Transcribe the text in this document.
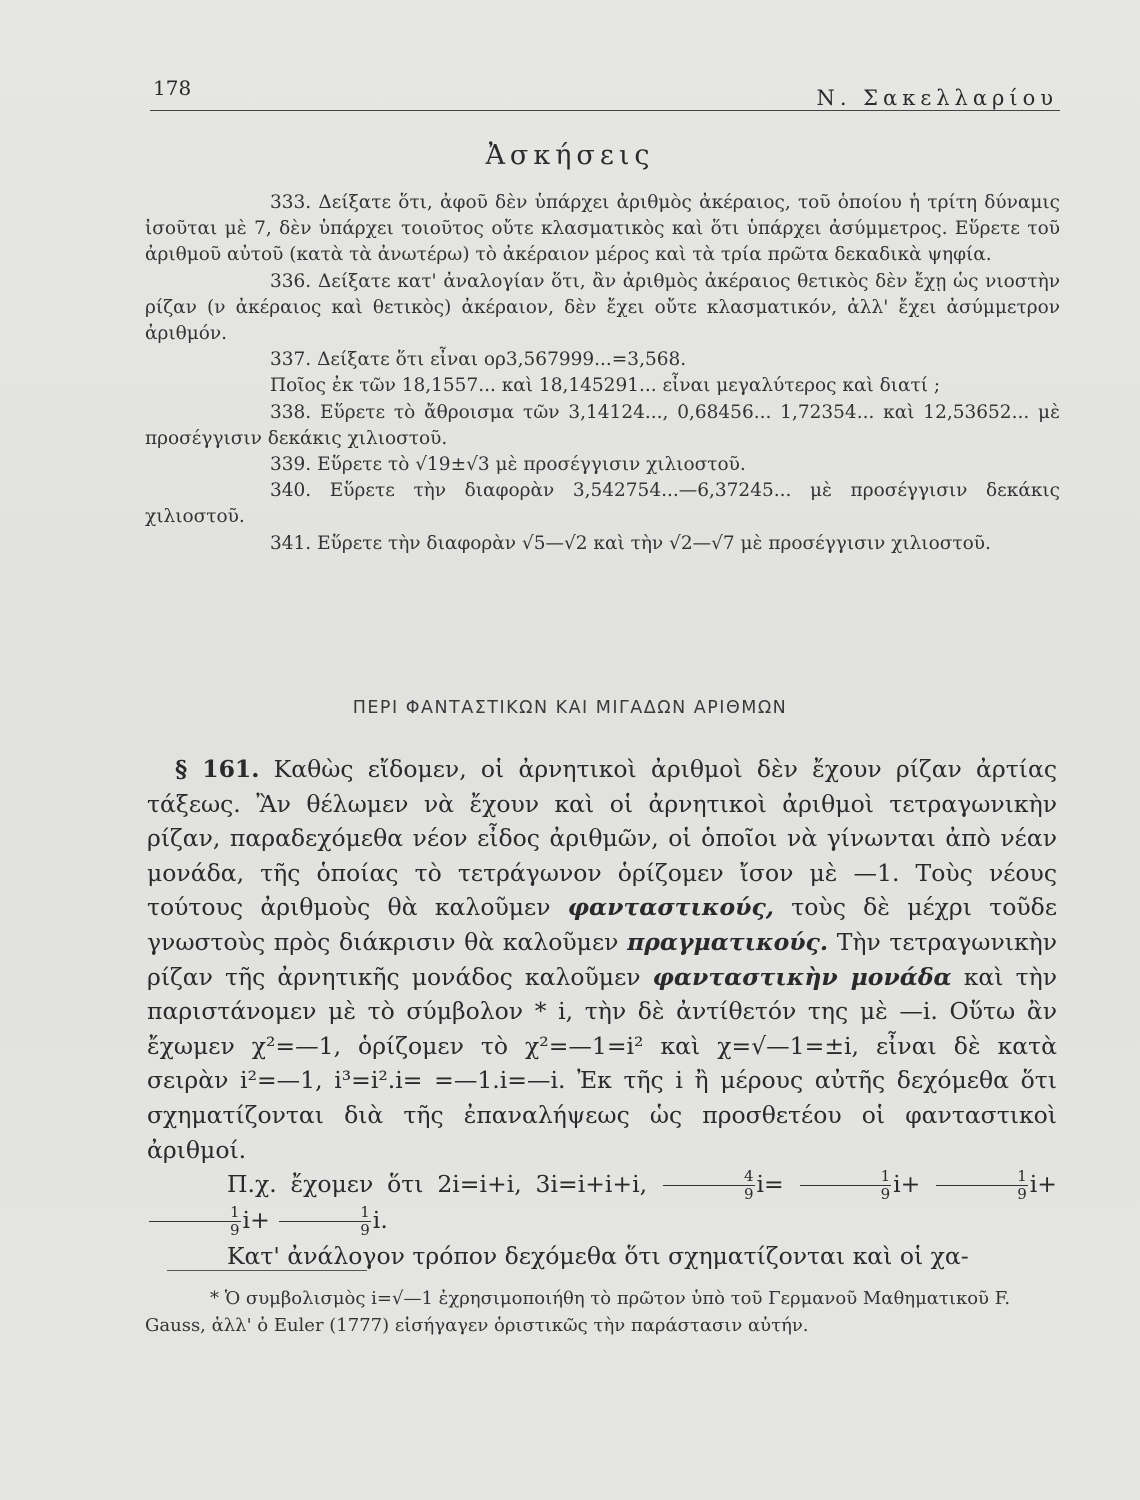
178	Ν. Σακελλαρίου
Ἀσκήσεις

333. Δείξατε ὅτι, ἀφοῦ δὲν ὑπάρχει ἀριθμὸς ἀκέραιος, τοῦ ὁποίου ἡ τρίτη δύναμις ἰσοῦται μὲ 7, δὲν ὑπάρχει τοιοῦτος οὔτε κλασματικὸς καὶ ὅτι ὑπάρχει ἀσύμμετρος. Εὕρετε τοῦ ἀριθμοῦ αὐτοῦ (κατὰ τὰ ἀνωτέρω) τὸ ἀκέραιον μέρος καὶ τὰ τρία πρῶτα δεκαδικὰ ψηφία.

336. Δείξατε κατ' ἀναλογίαν ὅτι, ἂν ἀριθμὸς ἀκέραιος θετικὸς δὲν ἔχῃ ὡς νιοστὴν ρίζαν (ν ἀκέραιος καὶ θετικὸς) ἀκέραιον, δὲν ἔχει οὔτε κλασματικόν, ἀλλ' ἔχει ἀσύμμετρον ἀριθμόν.

337. Δείξατε ὅτι εἶναι ορ3,567999...=3,568.

Ποῖος ἐκ τῶν 18,1557... καὶ 18,145291... εἶναι μεγαλύτερος καὶ διατί ;

338. Εὕρετε τὸ ἄθροισμα τῶν 3,14124..., 0,68456... 1,72354... καὶ 12,53652... μὲ προσέγγισιν δεκάκις χιλιοστοῦ.

339. Εὕρετε τὸ √19±√3 μὲ προσέγγισιν χιλιοστοῦ.

340. Εὕρετε τὴν διαφορὰν 3,542754...—6,37245... μὲ προσέγγισιν δεκάκις χιλιοστοῦ.

341. Εὕρετε τὴν διαφορὰν √5—√2 καὶ τὴν √2—√7 μὲ προσέγγισιν χιλιοστοῦ.

ΠΕΡΙ ΦΑΝΤΑΣΤΙΚΩΝ ΚΑΙ ΜΙΓΑΔΩΝ ΑΡΙΘΜΩΝ

§ 161. Καθὼς εἴδομεν, οἱ ἀρνητικοὶ ἀριθμοὶ δὲν ἔχουν ρίζαν ἀρτίας τάξεως. Ἂν θέλωμεν νὰ ἔχουν καὶ οἱ ἀρνητικοὶ ἀριθμοὶ τετραγωνικὴν ρίζαν, παραδεχόμεθα νέον εἶδος ἀριθμῶν, οἱ ὁποῖοι νὰ γίνωνται ἀπὸ νέαν μονάδα, τῆς ὁποίας τὸ τετράγωνον ὁρίζομεν ἴσον μὲ —1. Τοὺς νέους τούτους ἀριθμοὺς θὰ καλοῦμεν φανταστικούς, τοὺς δὲ μέχρι τοῦδε γνωστοὺς πρὸς διάκρισιν θὰ καλοῦμεν πραγματικούς. Τὴν τετραγωνικὴν ρίζαν τῆς ἀρνητικῆς μονάδος καλοῦμεν φανταστικὴν μονάδα καὶ τὴν παριστάνομεν μὲ τὸ σύμβολον * i, τὴν δὲ ἀντίθετόν της μὲ —i. Οὕτω ἂν ἔχωμεν χ²=—1, ὁρίζομεν τὸ χ²=—1=i² καὶ χ=√—1=±i, εἶναι δὲ κατὰ σειρὰν i²=—1, i³=i².i= =—1.i=—i. Ἐκ τῆς i ἢ μέρους αὐτῆς δεχόμεθα ὅτι σχηματίζονται διὰ τῆς ἐπαναλήψεως ὡς προσθετέου οἱ φανταστικοὶ ἀριθμοί.

Π.χ. ἔχομεν ὅτι 2i=i+i, 3i=i+i+i, $\frac{4}{9} i= \frac{1}{9} i+ \frac{1}{9} i+$
$\frac{1}{9} i+ \frac{1}{9} i$.

Κατ' ἀνάλογον τρόπον δεχόμεθα ὅτι σχηματίζονται καὶ οἱ χα-

* Ὁ συμβολισμὸς i=√—1 ἐχρησιμοποιήθη τὸ πρῶτον ὑπὸ τοῦ Γερμανοῦ Μαθηματικοῦ F. Gauss, ἀλλ' ὁ Euler (1777) εἰσήγαγεν ὁριστικῶς τὴν παράστασιν αὐτήν.
